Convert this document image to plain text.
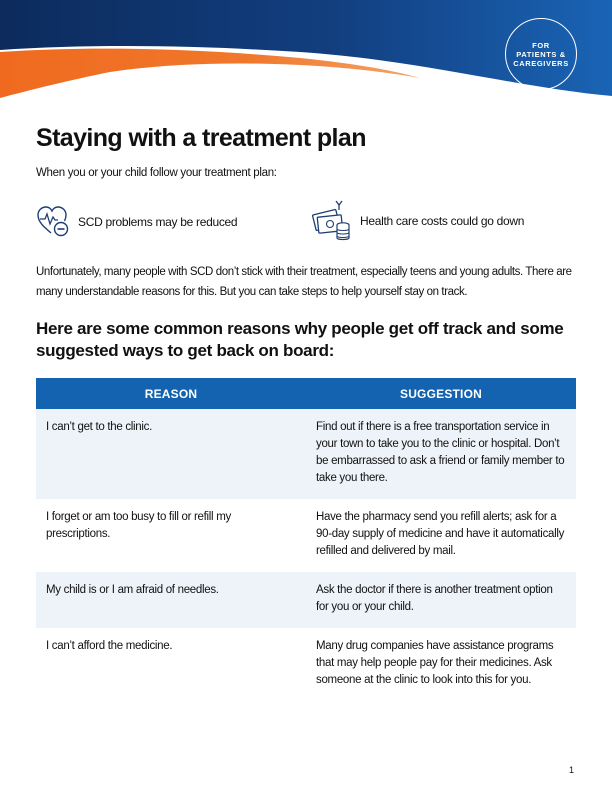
FOR PATIENTS & CAREGIVERS
Staying with a treatment plan
When you or your child follow your treatment plan:
SCD problems may be reduced	Health care costs could go down
Unfortunately, many people with SCD don’t stick with their treatment, especially teens and young adults. There are many understandable reasons for this. But you can take steps to help yourself stay on track.
Here are some common reasons why people get off track and some suggested ways to get back on board:
REASON	SUGGESTION
I can’t get to the clinic.	Find out if there is a free transportation service in your town to take you to the clinic or hospital. Don’t be embarrassed to ask a friend or family member to take you there.
I forget or am too busy to fill or refill my prescriptions.	Have the pharmacy send you refill alerts; ask for a 90-day supply of medicine and have it automatically refilled and delivered by mail.
My child is or I am afraid of needles.	Ask the doctor if there is another treatment option for you or your child.
I can’t afford the medicine.	Many drug companies have assistance programs that may help people pay for their medicines. Ask someone at the clinic to look into this for you.
1
